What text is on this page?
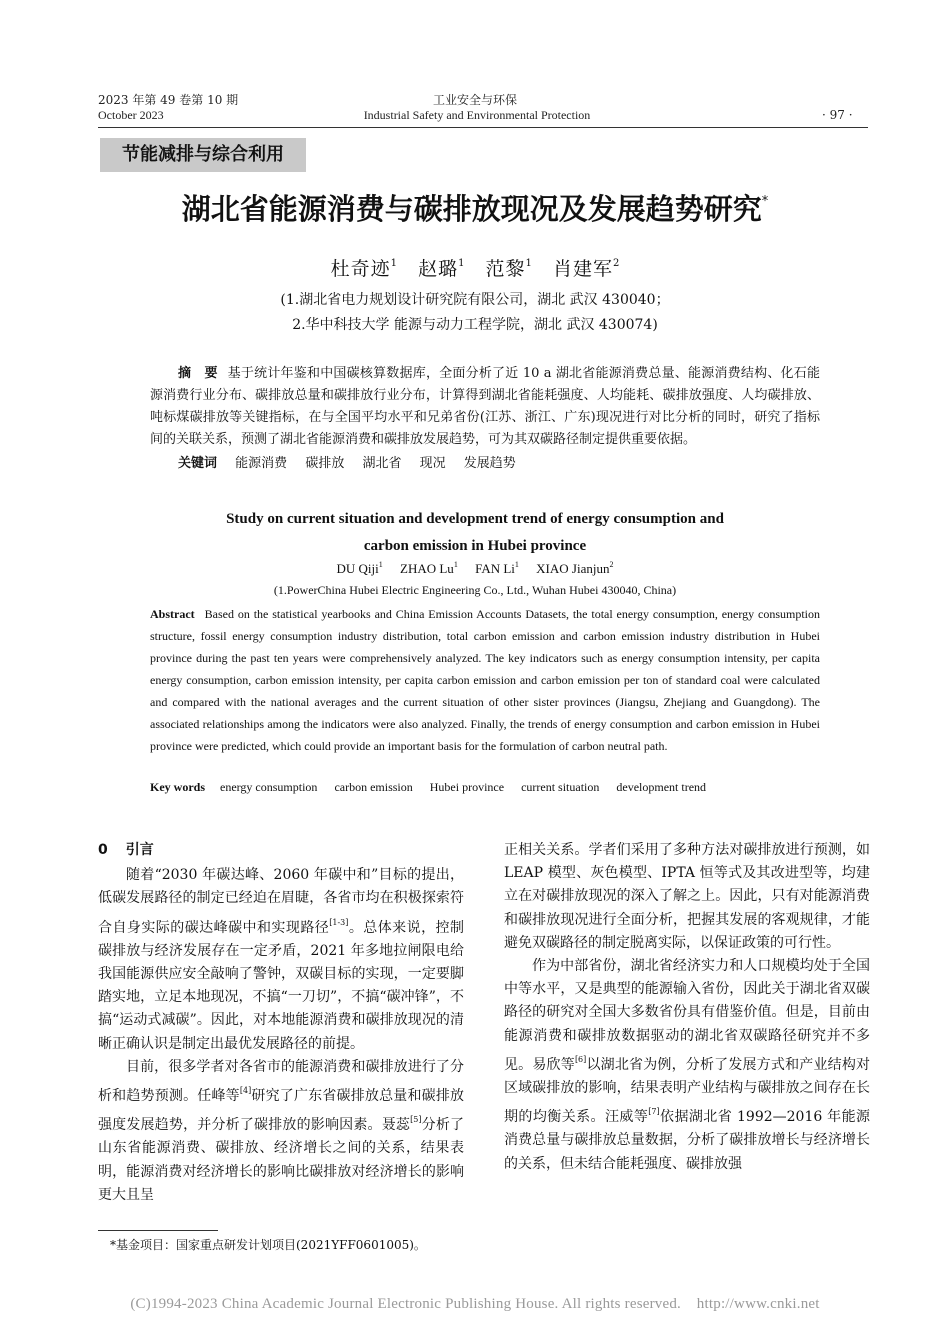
2023 年第 49 卷第 10 期
October 2023
工业安全与环保
Industrial Safety and Environmental Protection	· 97 ·
节能减排与综合利用
湖北省能源消费与碳排放现况及发展趋势研究*
杜奇迹$^1$ 赵璐$^1$ 范黎$^1$ 肖建军$^2$
(1.湖北省电力规划设计研究院有限公司，湖北 武汉 430040；
2.华中科技大学 能源与动力工程学院，湖北 武汉 430074)

摘　要 基于统计年鉴和中国碳核算数据库，全面分析了近 10 a 湖北省能源消费总量、能源消费结构、化石能源消费行业分布、碳排放总量和碳排放行业分布，计算得到湖北省能耗强度、人均能耗、碳排放强度、人均碳排放、吨标煤碳排放等关键指标，在与全国平均水平和兄弟省份(江苏、浙江、广东)现况进行对比分析的同时，研究了指标间的关联关系，预测了湖北省能源消费和碳排放发展趋势，可为其双碳路径制定提供重要依据。

关键词 能源消费 碳排放 湖北省 现况 发展趋势
Study on current situation and development trend of energy consumption and
carbon emission in Hubei province
DU Qiji$^1$ ZHAO Lu$^1$ FAN Li$^1$ XIAO Jianjun$^2$
(1.PowerChina Hubei Electric Engineering Co., Ltd., Wuhan Hubei 430040, China)

Abstract Based on the statistical yearbooks and China Emission Accounts Datasets, the total energy consumption, energy consumption structure, fossil energy consumption industry distribution, total carbon emission and carbon emission industry distribution in Hubei province during the past ten years were comprehensively analyzed. The key indicators such as energy consumption intensity, per capita energy consumption, carbon emission intensity, per capita carbon emission and carbon emission per ton of standard coal were calculated and compared with the national averages and the current situation of other sister provinces (Jiangsu, Zhejiang and Guangdong). The associated relationships among the indicators were also analyzed. Finally, the trends of energy consumption and carbon emission in Hubei province were predicted, which could provide an important basis for the formulation of carbon neutral path.

Key words energy consumption carbon emission Hubei province current situation development trend
0 引言

随着“2030 年碳达峰、2060 年碳中和”目标的提出，低碳发展路径的制定已经迫在眉睫，各省市均在积极探索符合自身实际的碳达峰碳中和实现路径[1-3]。总体来说，控制碳排放与经济发展存在一定矛盾，2021 年多地拉闸限电给我国能源供应安全敲响了警钟，双碳目标的实现，一定要脚踏实地，立足本地现况，不搞“一刀切”，不搞“碳冲锋”，不搞“运动式减碳”。因此，对本地能源消费和碳排放现况的清晰正确认识是制定出最优发展路径的前提。

目前，很多学者对各省市的能源消费和碳排放进行了分析和趋势预测。任峰等[4]研究了广东省碳排放总量和碳排放强度发展趋势，并分析了碳排放的影响因素。聂蕊[5]分析了山东省能源消费、碳排放、经济增长之间的关系，结果表明，能源消费对经济增长的影响比碳排放对经济增长的影响更大且呈

正相关关系。学者们采用了多种方法对碳排放进行预测，如 LEAP 模型、灰色模型、IPTA 恒等式及其改进型等，均建立在对碳排放现况的深入了解之上。因此，只有对能源消费和碳排放现况进行全面分析，把握其发展的客观规律，才能避免双碳路径的制定脱离实际，以保证政策的可行性。

作为中部省份，湖北省经济实力和人口规模均处于全国中等水平，又是典型的能源输入省份，因此关于湖北省双碳路径的研究对全国大多数省份具有借鉴价值。但是，目前由能源消费和碳排放数据驱动的湖北省双碳路径研究并不多见。易欣等[6]以湖北省为例，分析了发展方式和产业结构对区域碳排放的影响，结果表明产业结构与碳排放之间存在长期的均衡关系。汪威等[7]依据湖北省 1992—2016 年能源消费总量与碳排放总量数据，分析了碳排放增长与经济增长的关系，但未结合能耗强度、碳排放强

*基金项目：国家重点研发计划项目(2021YFF0601005)。
(C)1994-2023 China Academic Journal Electronic Publishing House. All rights reserved.    http://www.cnki.net
